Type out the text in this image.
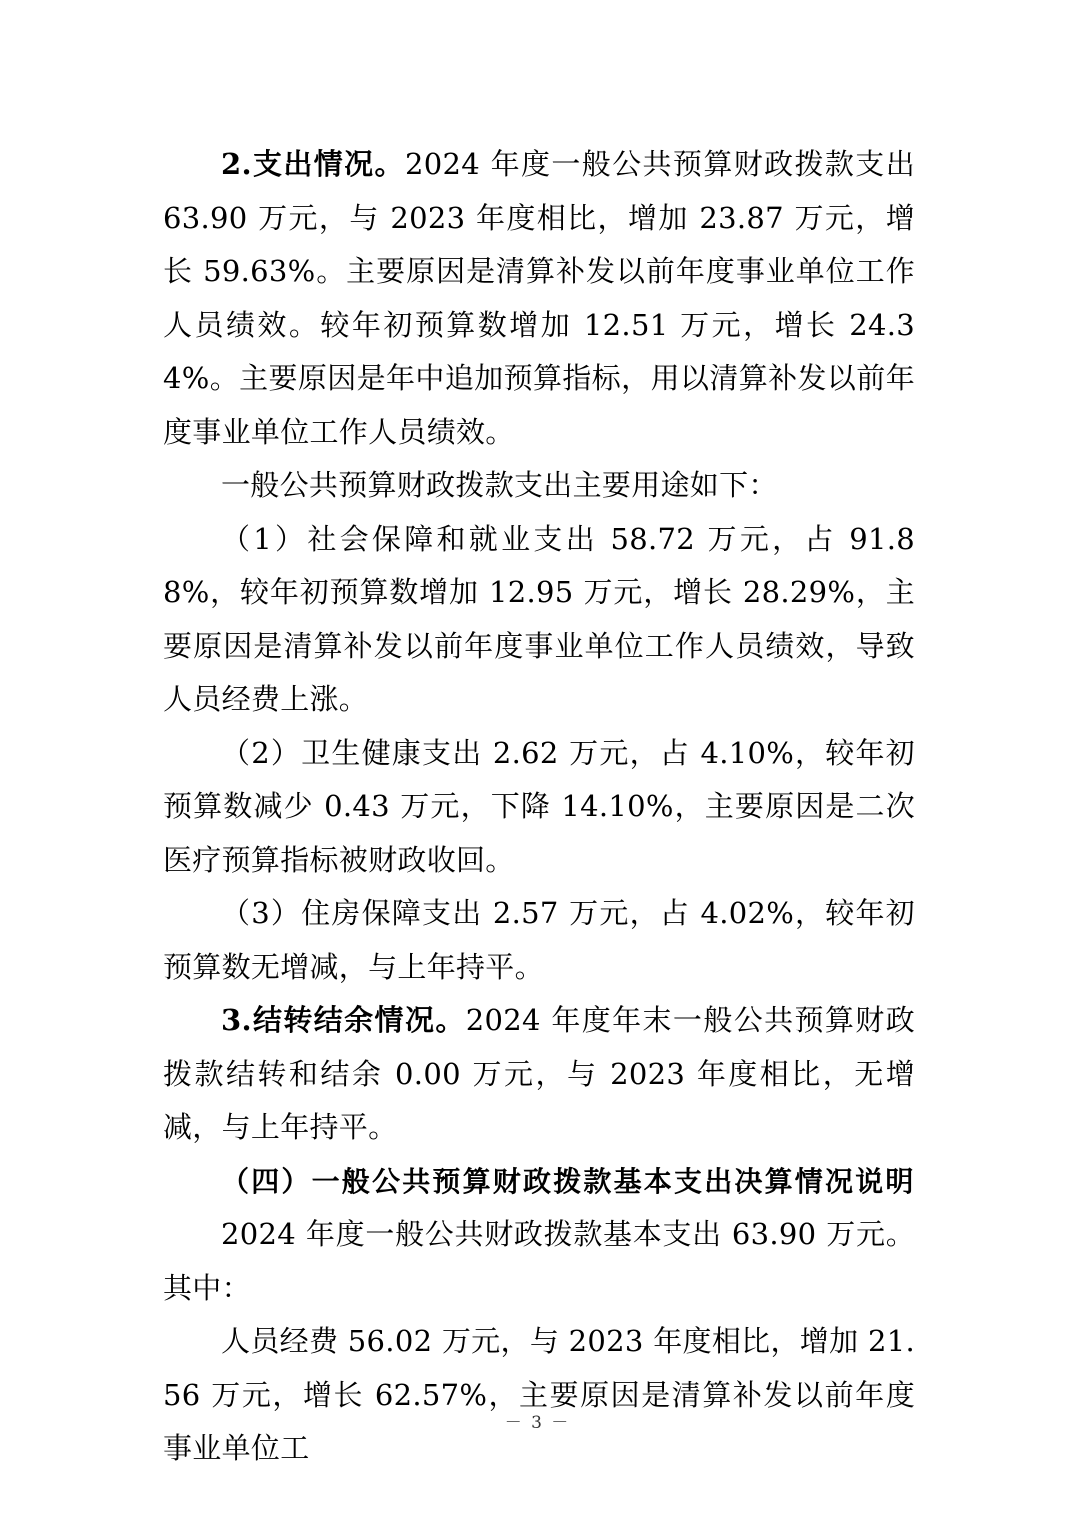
2.支出情况。2024 年度一般公共预算财政拨款支出 63.90 万元，与 2023 年度相比，增加 23.87 万元，增长 59.63%。主要原因是清算补发以前年度事业单位工作人员绩效。较年初预算数增加 12.51 万元，增长 24.34%。主要原因是年中追加预算指标，用以清算补发以前年度事业单位工作人员绩效。

一般公共预算财政拨款支出主要用途如下：

（1）社会保障和就业支出 58.72 万元，占 91.88%，较年初预算数增加 12.95 万元，增长 28.29%，主要原因是清算补发以前年度事业单位工作人员绩效，导致人员经费上涨。

（2）卫生健康支出 2.62 万元，占 4.10%，较年初预算数减少 0.43 万元，下降 14.10%，主要原因是二次医疗预算指标被财政收回。

（3）住房保障支出 2.57 万元，占 4.02%，较年初预算数无增减，与上年持平。

3.结转结余情况。2024 年度年末一般公共预算财政拨款结转和结余 0.00 万元，与 2023 年度相比，无增减，与上年持平。

（四）一般公共预算财政拨款基本支出决算情况说明

2024 年度一般公共财政拨款基本支出 63.90 万元。其中：

人员经费 56.02 万元，与 2023 年度相比，增加 21.56 万元，增长 62.57%，主要原因是清算补发以前年度事业单位工

－ 3 －
